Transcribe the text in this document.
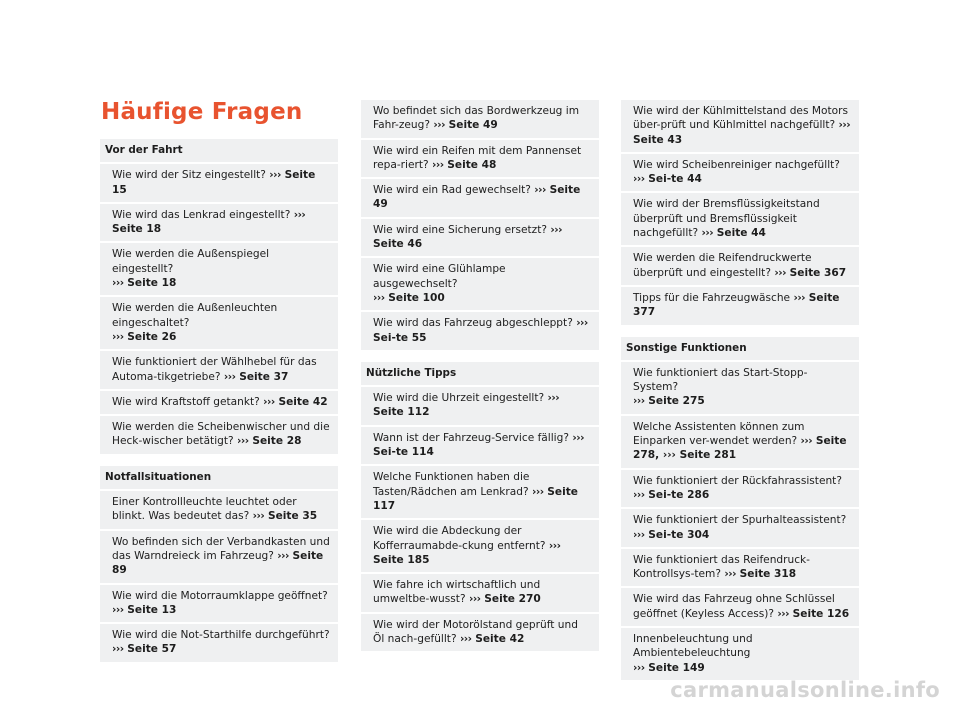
Häufige Fragen
Vor der Fahrt
Wie wird der Sitz eingestellt? ››› Seite 15
Wie wird das Lenkrad eingestellt? ››› Seite 18
Wie werden die Außenspiegel eingestellt?
››› Seite 18
Wie werden die Außenleuchten eingeschaltet?
››› Seite 26
Wie funktioniert der Wählhebel für das Automa-tikgetriebe? ››› Seite 37
Wie wird Kraftstoff getankt? ››› Seite 42
Wie werden die Scheibenwischer und die Heck-wischer betätigt? ››› Seite 28
Notfallsituationen
Einer Kontrollleuchte leuchtet oder blinkt. Was bedeutet das? ››› Seite 35
Wo befinden sich der Verbandkasten und das Warndreieck im Fahrzeug? ››› Seite 89
Wie wird die Motorraumklappe geöffnet?
››› Seite 13
Wie wird die Not-Starthilfe durchgeführt?
››› Seite 57
Wo befindet sich das Bordwerkzeug im Fahr-zeug? ››› Seite 49
Wie wird ein Reifen mit dem Pannenset repa-riert? ››› Seite 48
Wie wird ein Rad gewechselt? ››› Seite 49
Wie wird eine Sicherung ersetzt? ››› Seite 46
Wie wird eine Glühlampe ausgewechselt?
››› Seite 100
Wie wird das Fahrzeug abgeschleppt? ››› Sei-te 55
Nützliche Tipps
Wie wird die Uhrzeit eingestellt? ››› Seite 112
Wann ist der Fahrzeug-Service fällig? ››› Sei-te 114
Welche Funktionen haben die Tasten/Rädchen am Lenkrad? ››› Seite 117
Wie wird die Abdeckung der Kofferraumabde-ckung entfernt? ››› Seite 185
Wie fahre ich wirtschaftlich und umweltbe-wusst? ››› Seite 270
Wie wird der Motorölstand geprüft und Öl nach-gefüllt? ››› Seite 42
Wie wird der Kühlmittelstand des Motors über-prüft und Kühlmittel nachgefüllt? ››› Seite 43
Wie wird Scheibenreiniger nachgefüllt? ››› Sei-te 44
Wie wird der Bremsflüssigkeitstand überprüft und Bremsflüssigkeit nachgefüllt? ››› Seite 44
Wie werden die Reifendruckwerte überprüft und eingestellt? ››› Seite 367
Tipps für die Fahrzeugwäsche ››› Seite 377
Sonstige Funktionen
Wie funktioniert das Start-Stopp-System?
››› Seite 275
Welche Assistenten können zum Einparken ver-wendet werden? ››› Seite 278, ››› Seite 281
Wie funktioniert der Rückfahrassistent? ››› Sei-te 286
Wie funktioniert der Spurhalteassistent? ››› Sei-te 304
Wie funktioniert das Reifendruck-Kontrollsys-tem? ››› Seite 318
Wie wird das Fahrzeug ohne Schlüssel geöffnet (Keyless Access)? ››› Seite 126
Innenbeleuchtung und Ambientebeleuchtung
››› Seite 149
carmanualsonline.info
